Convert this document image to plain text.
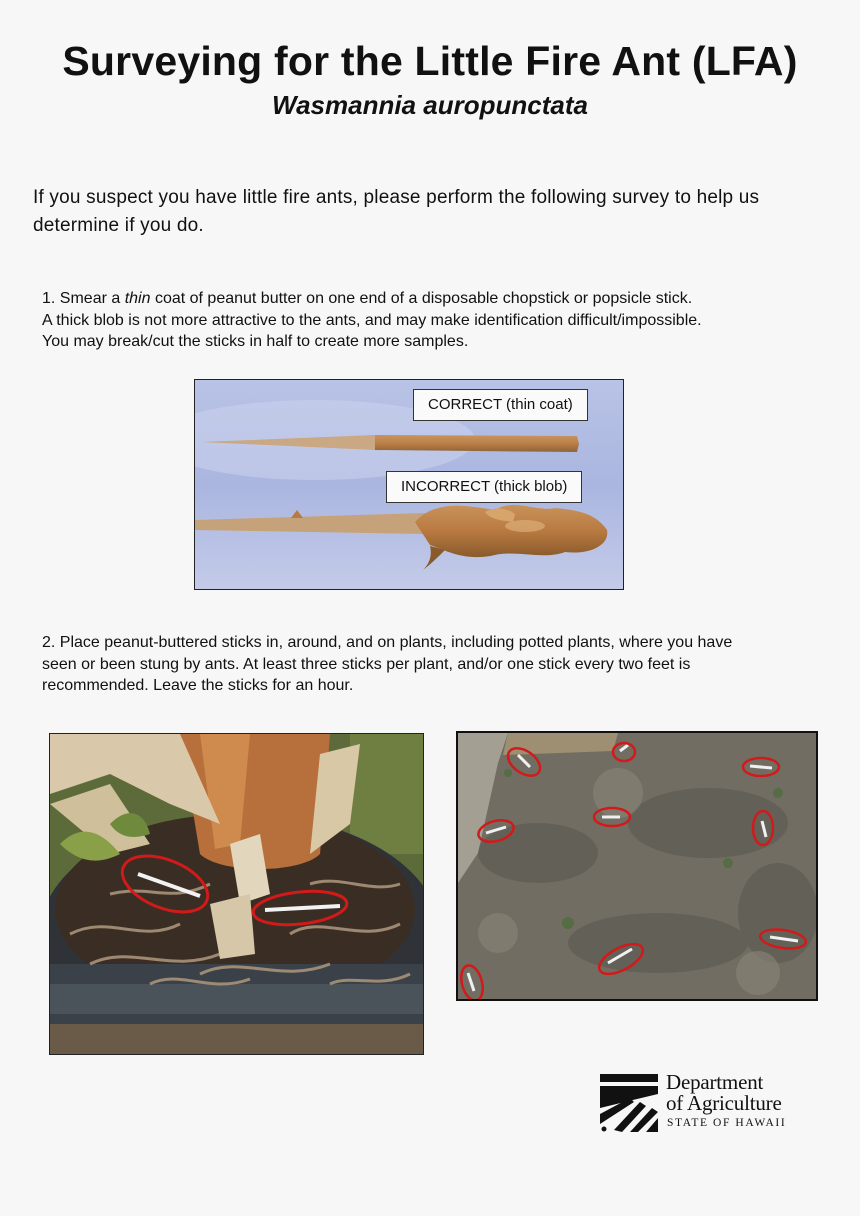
Surveying for the Little Fire Ant (LFA)
Wasmannia auropunctata
If you suspect you have little fire ants, please perform the following survey to help us determine if you do.
1. Smear a thin coat of peanut butter on one end of a disposable chopstick or popsicle stick.
A thick blob is not more attractive to the ants, and may make identification difficult/impossible.
You may break/cut the sticks in half to create more samples.
CORRECT (thin coat)
INCORRECT (thick blob)
2. Place peanut-buttered sticks in, around, and on plants, including potted plants, where you have
seen or been stung by ants. At least three sticks per plant, and/or one stick every two feet is
recommended. Leave the sticks for an hour.
Department
of Agriculture
STATE OF HAWAII
